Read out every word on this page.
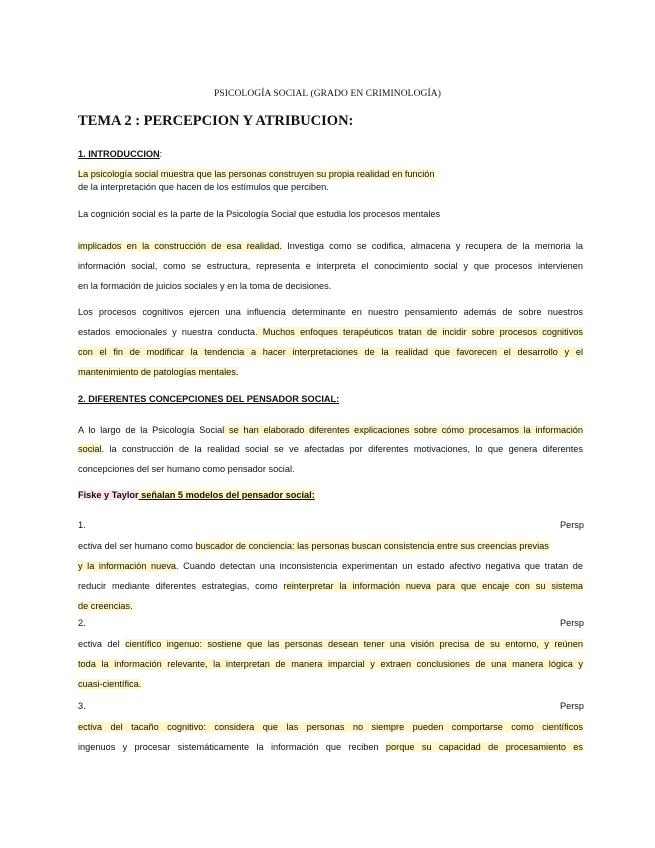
PSICOLOGÍA SOCIAL (GRADO EN CRIMINOLOGÍA)
TEMA 2 : PERCEPCION Y ATRIBUCION:
1. INTRODUCCION:
La psicología social muestra que las personas construyen su propia realidad en función
de la interpretación que hacen de los estímulos que perciben.
La cognición social es la parte de la Psicología Social que estudia los procesos mentales
implicados en la construcción de esa realidad. Investiga como se codifica, almacena y recupera de la memoria la
información social, como se estructura, representa e interpreta el conocimiento social y que procesos intervienen
en la formación de juicios sociales y en la toma de decisiones.
Los procesos cognitivos ejercen una influencia determinante en nuestro pensamiento además de sobre nuestros
estados emocionales y nuestra conducta. Muchos enfoques terapéuticos tratan de incidir sobre procesos cognitivos
con el fin de modificar la tendencia a hacer interpretaciones de la realidad que favorecen el desarrollo y el
mantenimiento de patologías mentales.
2. DIFERENTES CONCEPCIONES DEL PENSADOR SOCIAL:
A lo largo de la Psicología Social se han elaborado diferentes explicaciones sobre cómo procesamos la información
social. la construcción de la realidad social se ve afectadas por diferentes motivaciones, lo que genera diferentes
concepciones del ser humano como pensador social.
Fiske y Taylor señalan 5 modelos del pensador social:
1.	Persp
ectiva del ser humano como buscador de conciencia: las personas buscan consistencia entre sus creencias previas
y la información nueva. Cuando detectan una inconsistencia experimentan un estado afectivo negativa que tratan de
reducir mediante diferentes estrategias, como reinterpretar la información nueva para que encaje con su sistema
de creencias.
2.	Persp
ectiva del científico ingenuo: sostiene que las personas desean tener una visión precisa de su entorno, y reúnen
toda la información relevante, la interpretan de manera imparcial y extraen conclusiones de una manera lógica y
cuasi-científica.
3.	Persp
ectiva del tacaño cognitivo: considera que las personas no siempre pueden comportarse como científicos
ingenuos y procesar sistemáticamente la información que reciben porque su capacidad de procesamiento es
